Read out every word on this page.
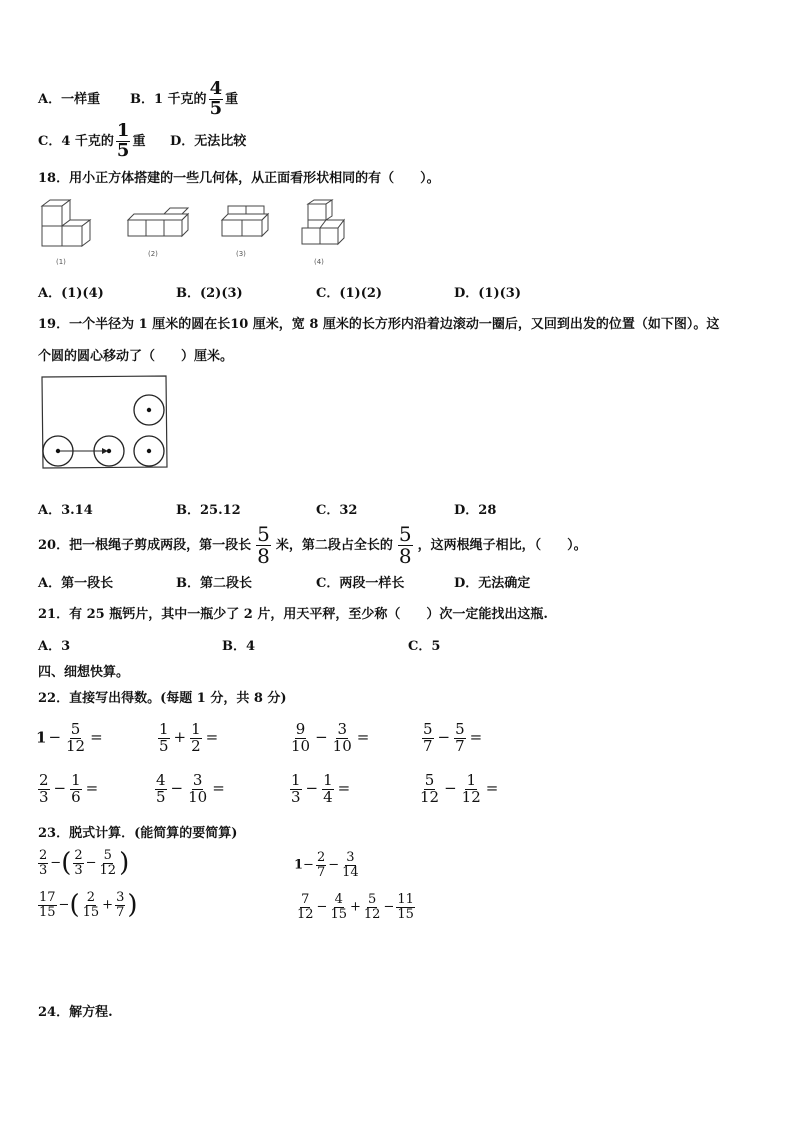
A．一样重 B．1 千克的 $\frac{4}{5}$ 重
C．4 千克的 $\frac{1}{5}$ 重 D．无法比较
18．用小正方体搭建的一些几何体，从正面看形状相同的有（　　）。
(1)
(2)	(3)
(4)
A．(1)(4)	B．(2)(3)	C．(1)(2)	D．(1)(3)
19．一个半径为 1 厘米的圆在长10 厘米，宽 8 厘米的长方形内沿着边滚动一圈后，又回到出发的位置（如下图）。这
个圆的圆心移动了（　　）厘米。
A．3.14	B．25.12	C．32	D．28
20．把一根绳子剪成两段，第一段长 $\frac{5}{8}$ 米，第二段占全长的 $\frac{5}{8}$ ，这两根绳子相比，（　　）。
A．第一段长	B．第二段长	C．两段一样长	D．无法确定
21．有 25 瓶钙片，其中一瓶少了 2 片，用天平秤，至少称（　　）次一定能找出这瓶.
A．3	B．4	C．5
四、细想快算。
22．直接写出得数。(每题 1 分，共 8 分)
$1 - \frac{5}{12}$ =	$\frac{1}{5} + \frac{1}{2}$ =	$\frac{9}{10} - \frac{3}{10}$ =	$\frac{5}{7} - \frac{5}{7}$ =
$\frac{2}{3} - \frac{1}{6}$ =	$\frac{4}{5} - \frac{3}{10}$ =	$\frac{1}{3} - \frac{1}{4}$ =	$\frac{5}{12} - \frac{1}{12}$ =
23．脱式计算．(能简算的要简算)
$\frac{2}{3}$ −( $\frac{2}{3} - \frac{5}{12}$ )	$1- \frac{2}{7} - \frac{3}{14}$
$\frac{17}{15}$ −( $\frac{2}{15} + \frac{3}{7}$ )	$\frac{7}{12} - \frac{4}{15} + \frac{5}{12} - \frac{11}{15}$
24．解方程.
